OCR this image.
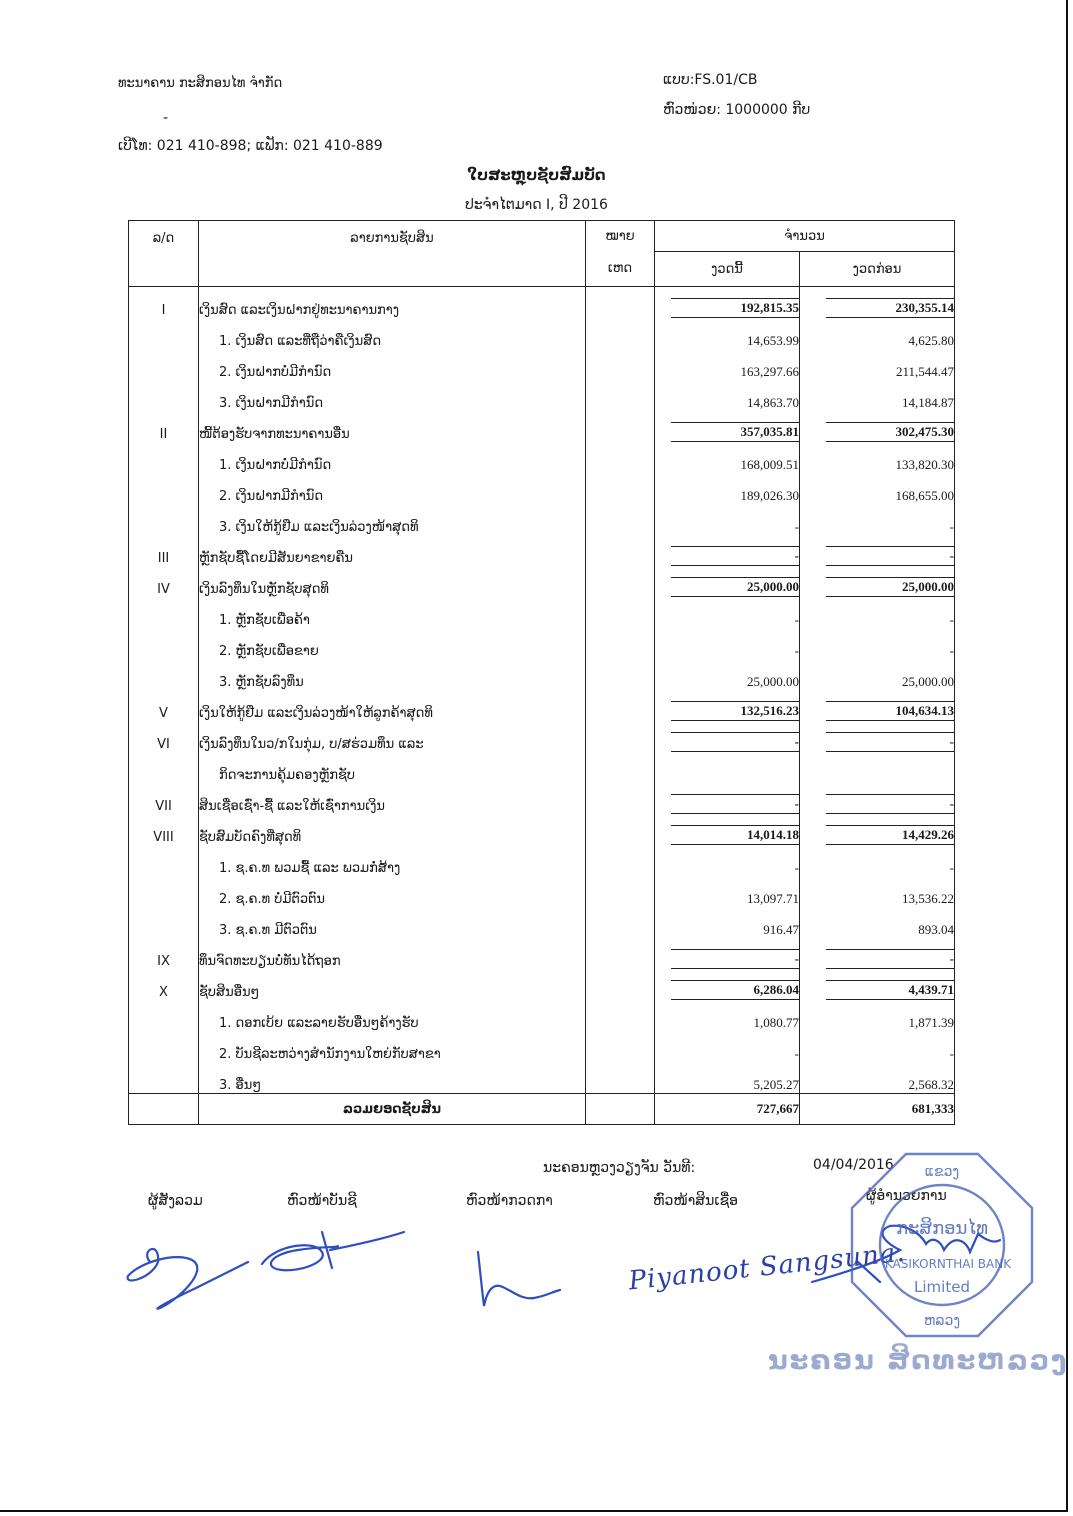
ທະນາຄານ ກະສິກອນໄທ ຈຳກັດ
-
ເບີໂທ: 021 410-898; ແຟັກ: 021 410-889
ແບບ:FS.01/CB
ຫົວໜ່ວຍ: 1000000 ກີບ
ໃບສະຫຼຸບຊັບສົມບັດ
ປະຈຳໄຕມາດ I, ປີ 2016
ລ/ດ	ລາຍການຊັບສິນ	ໝາຍ	ຈຳນວນ	
		ເຫດ	ງວດນີ້	ງວດກ່ອນ
I	ເງິນສົດ ແລະເງິນຝາກຢູ່ທະນາຄານກາງ		192,815.35	230,355.14
	1. ເງິນສົດ ແລະທີ່ຖືວ່າຄືເງິນສົດ		14,653.99	4,625.80
	2. ເງິນຝາກບໍ່ມີກຳນົດ		163,297.66	211,544.47
	3. ເງິນຝາກມີກຳນົດ		14,863.70	14,184.87
II	ໜີ້ຕ້ອງຮັບຈາກທະນາຄານອື່ນ		357,035.81	302,475.30
	1. ເງິນຝາກບໍ່ມີກຳນົດ		168,009.51	133,820.30
	2. ເງິນຝາກມີກຳນົດ		189,026.30	168,655.00
	3. ເງິນໃຫ້ກູ້ຢືມ ແລະເງິນລ່ວງໜ້າສຸດທິ		-	-
III	ຫຼັກຊັບຊື້ໂດຍມີສັນຍາຂາຍຄືນ		-	-
IV	ເງິນລົງທຶນໃນຫຼັກຊັບສຸດທິ		25,000.00	25,000.00
	1. ຫຼັກຊັບເພື່ອຄ້າ		-	-
	2. ຫຼັກຊັບເພື່ອຂາຍ		-	-
	3. ຫຼັກຊັບລົງທຶນ		25,000.00	25,000.00
V	ເງິນໃຫ້ກູ້ຢືມ ແລະເງິນລ່ວງໜ້າໃຫ້ລູກຄ້າສຸດທິ		132,516.23	104,634.13
VI	ເງິນລົງທຶນໃນວ/ກໃນກຸ່ມ, ບ/ສຮ່ວມທຶນ ແລະ		-	-
	ກິດຈະການຄຸ້ມຄອງຫຼັກຊັບ			
VII	ສິນເຊື່ອເຊົ່າ-ຊື້ ແລະໃຫ້ເຊົ່າການເງິນ		-	-
VIII	ຊັບສົມບັດຄົງທີ່ສຸດທິ		14,014.18	14,429.26
	1. ຊ.ຄ.ທ ພວມຊື້ ແລະ ພວມກໍ່ສ້າງ		-	-
	2. ຊ.ຄ.ທ ບໍ່ມີຕົວຕົນ		13,097.71	13,536.22
	3. ຊ.ຄ.ທ ມີຕົວຕົນ		916.47	893.04
IX	ທຶນຈົດທະບຽນບໍ່ທັນໄດ້ຖອກ		-	-
X	ຊັບສິນອື່ນໆ		6,286.04	4,439.71
	1. ດອກເບ້ຍ ແລະລາຍຮັບອື່ນໆຄ້າງຮັບ		1,080.77	1,871.39
	2. ບັນຊີລະຫວ່າງສຳນັກງານໃຫຍ່ກັບສາຂາ		-	-
	3. ອື່ນໆ		5,205.27	2,568.32
	ລວມຍອດຊັບສິນ		727,667	681,333
ນະຄອນຫຼວງວຽງຈັນ ວັນທີ:	04/04/2016
ຜູ້ສັງລວມ	ຫົວໜ້າບັນຊີ	ຫົວໜ້າກວດກາ	ຫົວໜ້າສິນເຊື່ອ	ຜູ້ອຳນວຍການ
Piyanoot Sangsuna.
ແຂວງ
ກະສິກອນໄທ
KASIKORNTHAI BANK
Limited
ຫລວງ
ນະຄອນ ສິດທະຫລວງ
